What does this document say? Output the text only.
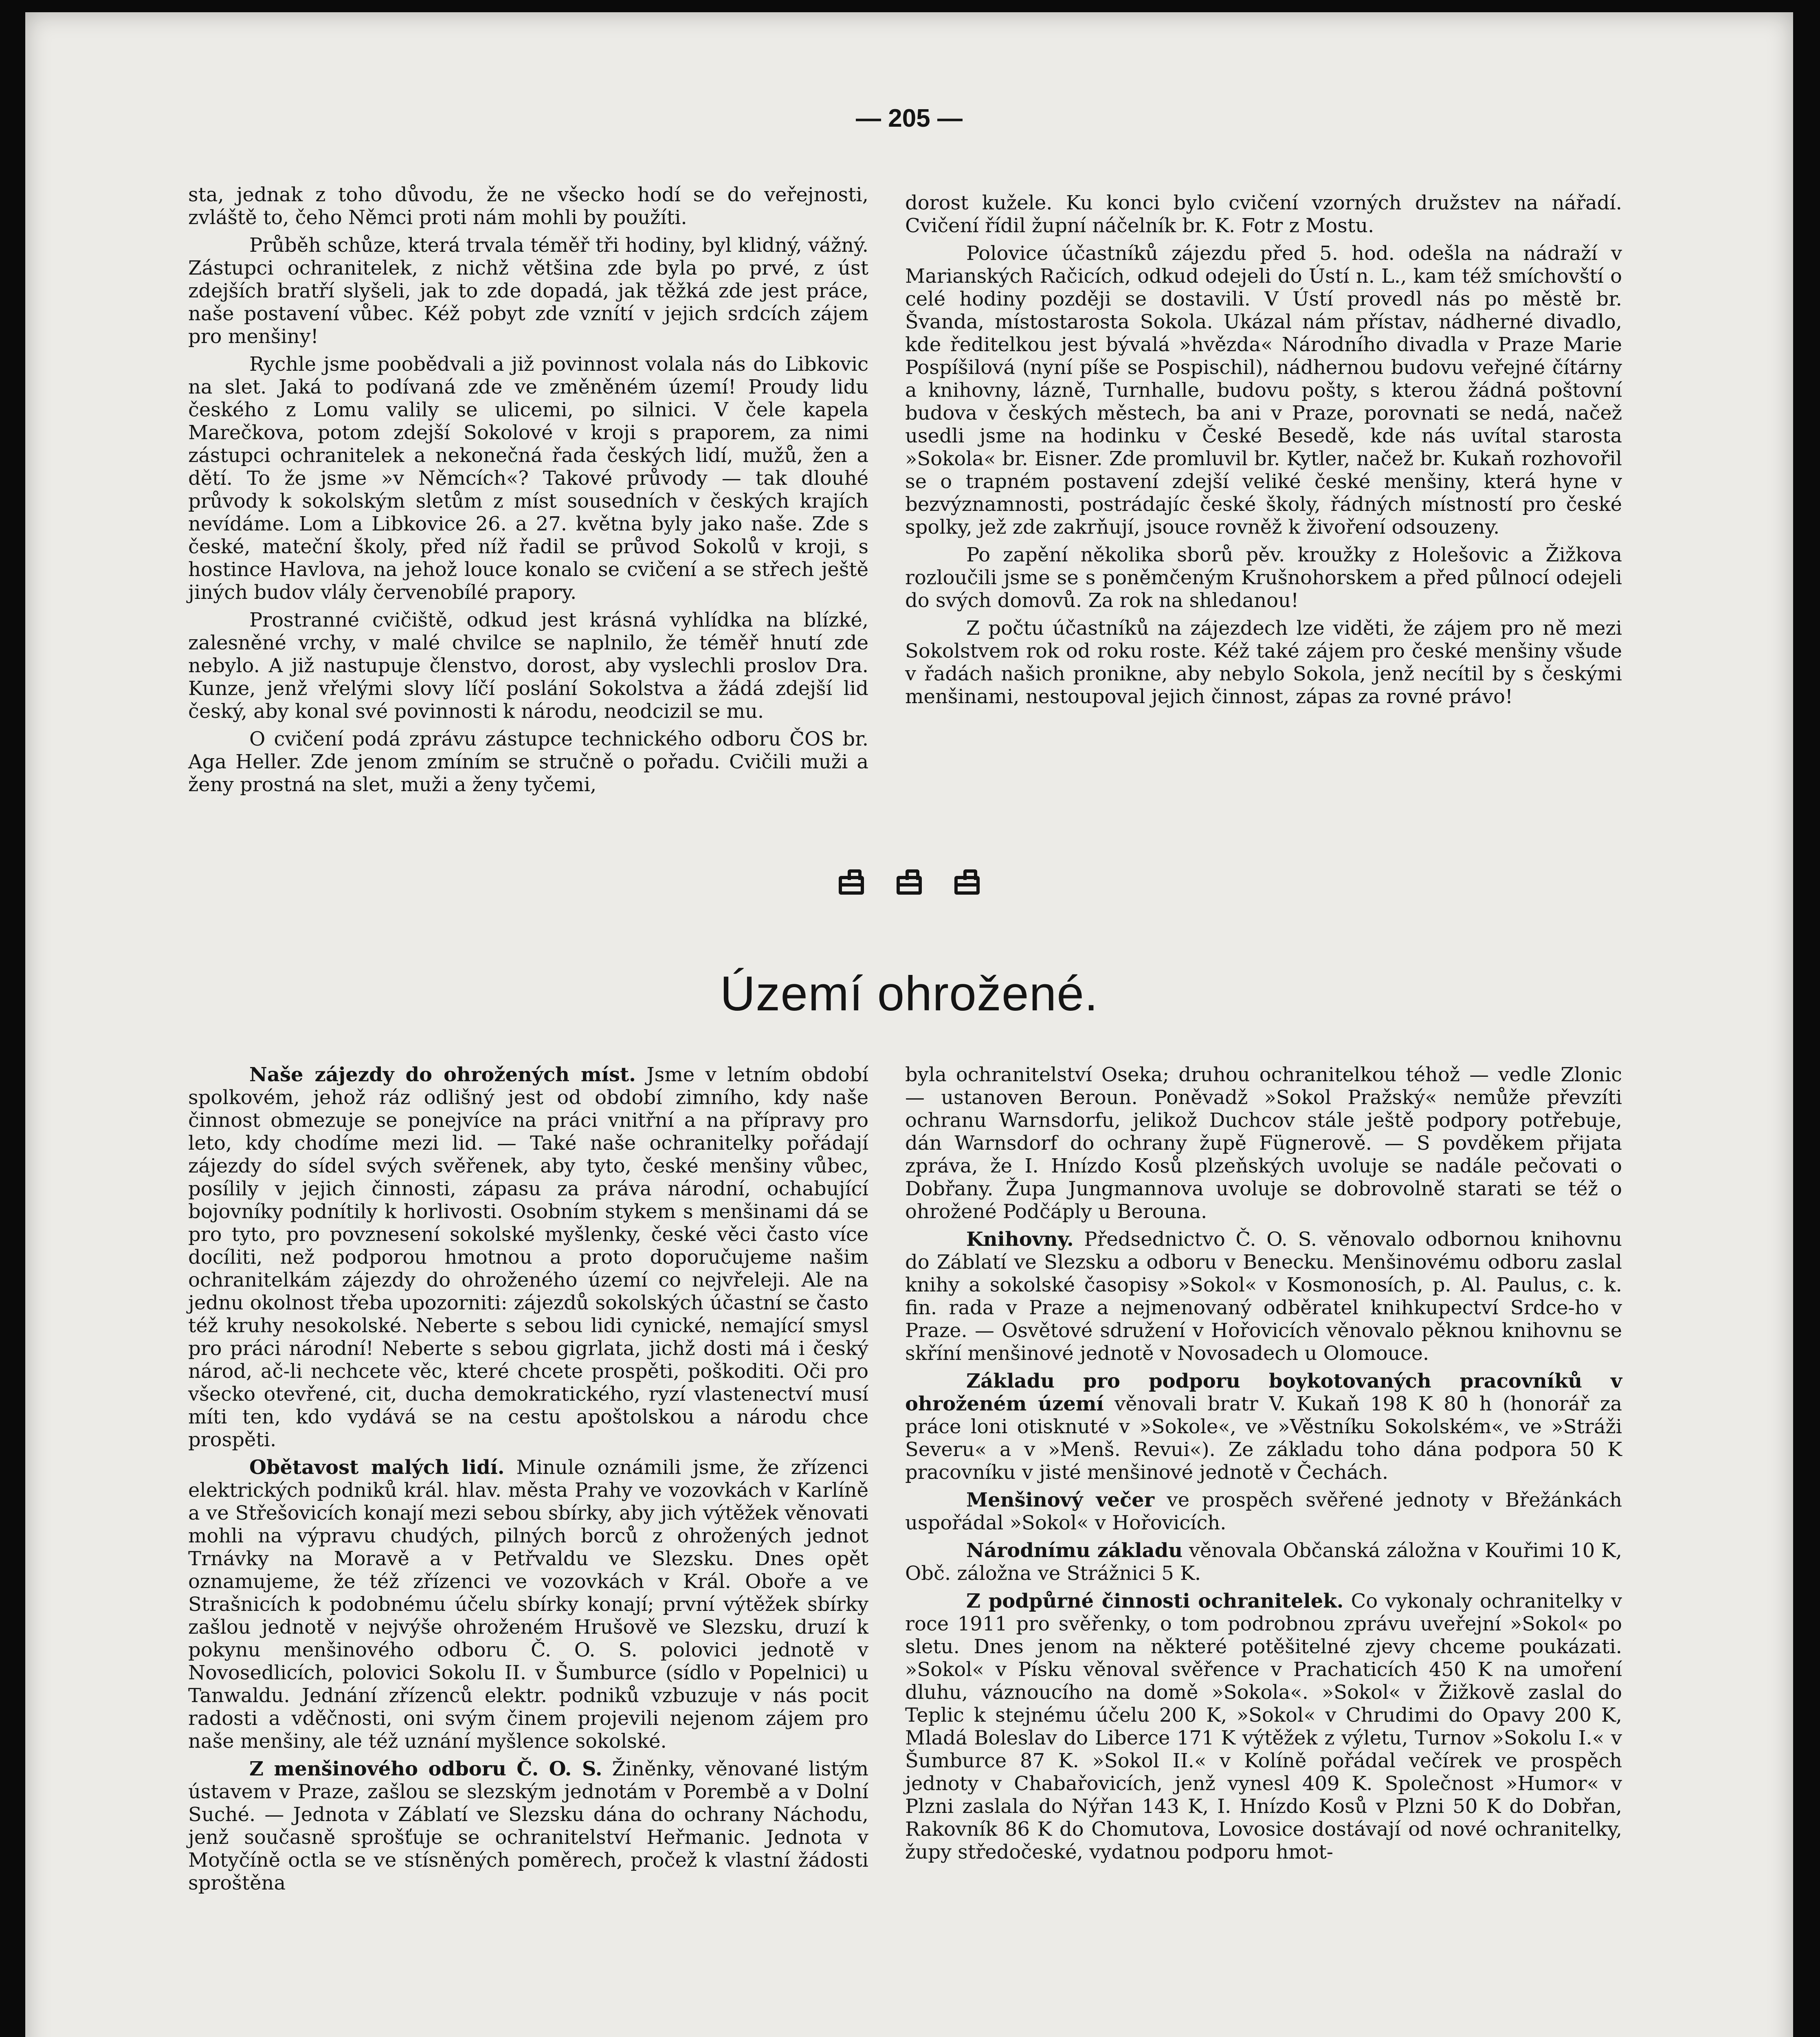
— 205 —

sta, jednak z toho důvodu, že ne všecko hodí se do veřejnosti, zvláště to, čeho Němci proti nám mohli by použíti.

Průběh schůze, která trvala téměř tři hodiny, byl klidný, vážný. Zástupci ochranitelek, z nichž většina zde byla po prvé, z úst zdejších bratří slyšeli, jak to zde dopadá, jak těžká zde jest práce, naše postavení vůbec. Kéž pobyt zde vznítí v jejich srdcích zájem pro menšiny!

Rychle jsme poobědvali a již povinnost volala nás do Libkovic na slet. Jaká to podívaná zde ve změněném území! Proudy lidu českého z Lomu valily se ulicemi, po silnici. V čele kapela Marečkova, potom zdejší Sokolové v kroji s praporem, za nimi zástupci ochranitelek a nekonečná řada českých lidí, mužů, žen a dětí. To že jsme »v Němcích«? Takové průvody — tak dlouhé průvody k sokolským sletům z míst sousedních v českých krajích nevídáme. Lom a Libkovice 26. a 27. května byly jako naše. Zde s české, mateční školy, před níž řadil se průvod Sokolů v kroji, s hostince Havlova, na jehož louce konalo se cvičení a se střech ještě jiných budov vlály červenobílé prapory.

Prostranné cvičiště, odkud jest krásná vyhlídka na blízké, zalesněné vrchy, v malé chvilce se naplnilo, že téměř hnutí zde nebylo. A již nastupuje členstvo, dorost, aby vyslechli proslov Dra. Kunze, jenž vřelými slovy líčí poslání Sokolstva a žádá zdejší lid český, aby konal své povinnosti k národu, neodcizil se mu.

O cvičení podá zprávu zástupce technického odboru ČOS br. Aga Heller. Zde jenom zmíním se stručně o pořadu. Cvičili muži a ženy prostná na slet, muži a ženy tyčemi,

dorost kužele. Ku konci bylo cvičení vzorných družstev na nářadí. Cvičení řídil župní náčelník br. K. Fotr z Mostu.

Polovice účastníků zájezdu před 5. hod. odešla na nádraží v Marianských Račicích, odkud odejeli do Ústí n. L., kam též smíchovští o celé hodiny později se dostavili. V Ústí provedl nás po městě br. Švanda, místostarosta Sokola. Ukázal nám přístav, nádherné divadlo, kde ředitelkou jest bývalá »hvězda« Národního divadla v Praze Marie Pospíšilová (nyní píše se Pospischil), nádhernou budovu veřejné čítárny a knihovny, lázně, Turnhalle, budovu pošty, s kterou žádná poštovní budova v českých městech, ba ani v Praze, porovnati se nedá, načež usedli jsme na hodinku v České Besedě, kde nás uvítal starosta »Sokola« br. Eisner. Zde promluvil br. Kytler, načež br. Kukaň rozhovořil se o trapném postavení zdejší veliké české menšiny, která hyne v bezvýznamnosti, postrádajíc české školy, řádných místností pro české spolky, jež zde zakrňují, jsouce rovněž k živoření odsouzeny.

Po zapění několika sborů pěv. kroužky z Holešovic a Žižkova rozloučili jsme se s poněmčeným Krušnohorskem a před půlnocí odejeli do svých domovů. Za rok na shledanou!

Z počtu účastníků na zájezdech lze viděti, že zájem pro ně mezi Sokolstvem rok od roku roste. Kéž také zájem pro české menšiny všude v řadách našich pronikne, aby nebylo Sokola, jenž necítil by s českými menšinami, nestoupoval jejich činnost, zápas za rovné právo!

Území ohrožené.

Naše zájezdy do ohrožených míst. Jsme v letním období spolkovém, jehož ráz odlišný jest od období zimního, kdy naše činnost obmezuje se ponejvíce na práci vnitřní a na přípravy pro leto, kdy chodíme mezi lid. — Také naše ochranitelky pořádají zájezdy do sídel svých svěřenek, aby tyto, české menšiny vůbec, posílily v jejich činnosti, zápasu za práva národní, ochabující bojovníky podnítily k horlivosti. Osobním stykem s menšinami dá se pro tyto, pro povznesení sokolské myšlenky, české věci často více docíliti, než podporou hmotnou a proto doporučujeme našim ochranitelkám zájezdy do ohroženého území co nejvřeleji. Ale na jednu okolnost třeba upozorniti: zájezdů sokolských účastní se často též kruhy nesokolské. Neberte s sebou lidi cynické, nemající smysl pro práci národní! Neberte s sebou gigrlata, jichž dosti má i český národ, ač-li nechcete věc, které chcete prospěti, poškoditi. Oči pro všecko otevřené, cit, ducha demokratického, ryzí vlastenectví musí míti ten, kdo vydává se na cestu apoštolskou a národu chce prospěti.

Obětavost malých lidí. Minule oznámili jsme, že zřízenci elektrických podniků král. hlav. města Prahy ve vozovkách v Karlíně a ve Střešovicích konají mezi sebou sbírky, aby jich výtěžek věnovati mohli na výpravu chudých, pilných borců z ohrožených jednot Trnávky na Moravě a v Petřvaldu ve Slezsku. Dnes opět oznamujeme, že též zřízenci ve vozovkách v Král. Oboře a ve Strašnicích k podobnému účelu sbírky konají; první výtěžek sbírky zašlou jednotě v nejvýše ohroženém Hrušově ve Slezsku, druzí k pokynu menšinového odboru Č. O. S. polovici jednotě v Novosedlicích, polovici Sokolu II. v Šumburce (sídlo v Popelnici) u Tanwaldu. Jednání zřízenců elektr. podniků vzbuzuje v nás pocit radosti a vděčnosti, oni svým činem projevili nejenom zájem pro naše menšiny, ale též uznání myšlence sokolské.

Z menšinového odboru Č. O. S. Žiněnky, věnované listým ústavem v Praze, zašlou se slezským jednotám v Porembě a v Dolní Suché. — Jednota v Záblatí ve Slezsku dána do ochrany Náchodu, jenž současně sprošťuje se ochranitelství Heřmanic. Jednota v Motyčíně octla se ve stísněných poměrech, pročež k vlastní žádosti sproštěna

byla ochranitelství Oseka; druhou ochranitelkou téhož — vedle Zlonic — ustanoven Beroun. Poněvadž »Sokol Pražský« nemůže převzíti ochranu Warnsdorfu, jelikož Duchcov stále ještě podpory potřebuje, dán Warnsdorf do ochrany župě Fügnerově. — S povděkem přijata zpráva, že I. Hnízdo Kosů plzeňských uvoluje se nadále pečovati o Dobřany. Župa Jungmannova uvoluje se dobrovolně starati se též o ohrožené Podčáply u Berouna.

Knihovny. Předsednictvo Č. O. S. věnovalo odbornou knihovnu do Záblatí ve Slezsku a odboru v Benecku. Menšinovému odboru zaslal knihy a sokolské časopisy »Sokol« v Kosmonosích, p. Al. Paulus, c. k. fin. rada v Praze a nejmenovaný odběratel knihkupectví Srdce-ho v Praze. — Osvětové sdružení v Hořovicích věnovalo pěknou knihovnu se skříní menšinové jednotě v Novosadech u Olomouce.

Základu pro podporu boykotovaných pracovníků v ohroženém území věnovali bratr V. Kukaň 198 K 80 h (honorář za práce loni otisknuté v »Sokole«, ve »Věstníku Sokolském«, ve »Stráži Severu« a v »Menš. Revui«). Ze základu toho dána podpora 50 K pracovníku v jisté menšinové jednotě v Čechách.

Menšinový večer ve prospěch svěřené jednoty v Břežánkách uspořádal »Sokol« v Hořovicích.

Národnímu základu věnovala Občanská záložna v Kouřimi 10 K, Obč. záložna ve Strážnici 5 K.

Z podpůrné činnosti ochranitelek. Co vykonaly ochranitelky v roce 1911 pro svěřenky, o tom podrobnou zprávu uveřejní »Sokol« po sletu. Dnes jenom na některé potěšitelné zjevy chceme poukázati. »Sokol« v Písku věnoval svěřence v Prachaticích 450 K na umoření dluhu, váznoucího na domě »Sokola«. »Sokol« v Žižkově zaslal do Teplic k stejnému účelu 200 K, »Sokol« v Chrudimi do Opavy 200 K, Mladá Boleslav do Liberce 171 K výtěžek z výletu, Turnov »Sokolu I.« v Šumburce 87 K. »Sokol II.« v Kolíně pořádal večírek ve prospěch jednoty v Chabařovicích, jenž vynesl 409 K. Společnost »Humor« v Plzni zaslala do Nýřan 143 K, I. Hnízdo Kosů v Plzni 50 K do Dobřan, Rakovník 86 K do Chomutova, Lovosice dostávají od nové ochranitelky, župy středočeské, vydatnou podporu hmot-
